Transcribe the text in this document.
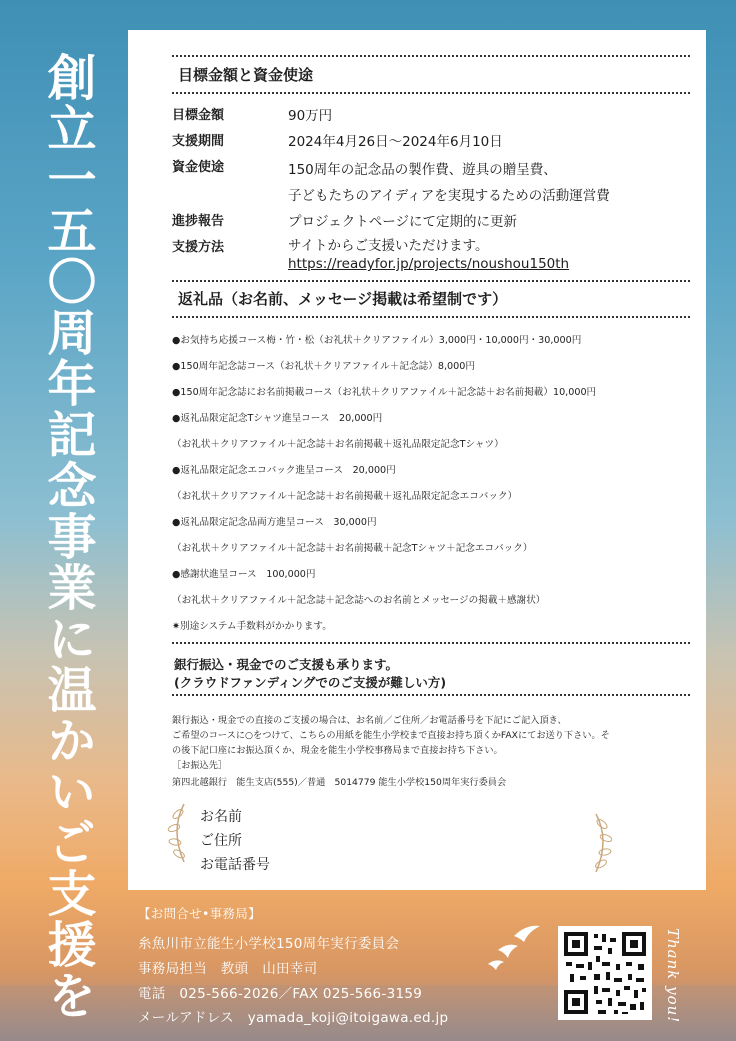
創立一五〇周年記念事業に温かいご支援を	目標金額と資金使途
目標金額	90万円
支援期間	2024年4月26日〜2024年6月10日
資金使途	150周年の記念品の製作費、遊具の贈呈費、
子どもたちのアイディアを実現するための活動運営費
進捗報告	プロジェクトページにて定期的に更新
支援方法	サイトからご支援いただけます。
https://readyfor.jp/projects/noushou150th
返礼品（お名前、メッセージ掲載は希望制です）
●お気持ち応援コース梅・竹・松（お礼状＋クリアファイル）3,000円・10,000円・30,000円
●150周年記念誌コース（お礼状＋クリアファイル＋記念誌）8,000円
●150周年記念誌にお名前掲載コース（お礼状＋クリアファイル＋記念誌＋お名前掲載）10,000円
●返礼品限定記念Tシャツ進呈コース　20,000円
（お礼状＋クリアファイル＋記念誌＋お名前掲載＋返礼品限定記念Tシャツ）
●返礼品限定記念エコバック進呈コース　20,000円
（お礼状＋クリアファイル＋記念誌＋お名前掲載＋返礼品限定記念エコバック）
●返礼品限定記念品両方進呈コース　30,000円
（お礼状＋クリアファイル＋記念誌＋お名前掲載＋記念Tシャツ＋記念エコバック）
●感謝状進呈コース　100,000円
（お礼状＋クリアファイル＋記念誌＋記念誌へのお名前とメッセージの掲載＋感謝状）
✷別途システム手数料がかかります。
銀行振込・現金でのご支援も承ります。
(クラウドファンディングでのご支援が難しい方)
銀行振込・現金での直接のご支援の場合は、お名前／ご住所／お電話番号を下記にご記入頂き、
ご希望のコースに○をつけて、こちらの用紙を能生小学校まで直接お持ち頂くかFAXにてお送り下さい。そ
の後下記口座にお振込頂くか、現金を能生小学校事務局まで直接お持ち下さい。
［お振込先］
第四北越銀行　能生支店(555)／普通　5014779 能生小学校150周年実行委員会
お名前
ご住所
お電話番号
【お問合せ•事務局】
糸魚川市立能生小学校150周年実行委員会
事務局担当　教頭　山田幸司
電話　025-566-2026／FAX 025-566-3159
メールアドレス　yamada_koji@itoigawa.ed.jp	Thank you!
